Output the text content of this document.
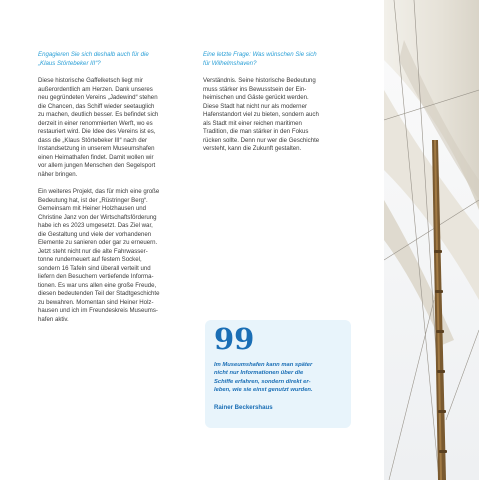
Engagieren Sie sich deshalb auch für die
„Klaus Störtebeker III“?
Diese historische Gaffelketsch liegt mir
außerordentlich am Herzen. Dank unseres
neu gegründeten Vereins „Jadewind“ stehen
die Chancen, das Schiff wieder seetauglich
zu machen, deutlich besser. Es befindet sich
derzeit in einer renommierten Werft, wo es
restauriert wird. Die Idee des Vereins ist es,
dass die „Klaus Störtebeker III“ nach der
Instandsetzung in unserem Museumshafen
einen Heimathafen findet. Damit wollen wir
vor allem jungen Menschen den Segelsport
näher bringen.
Ein weiteres Projekt, das für mich eine große
Bedeutung hat, ist der „Rüstringer Berg“.
Gemeinsam mit Heiner Holzhausen und
Christine Janz von der Wirtschaftsförderung
habe ich es 2023 umgesetzt. Das Ziel war,
die Gestaltung und viele der vorhandenen
Elemente zu sanieren oder gar zu erneuern.
Jetzt steht nicht nur die alte Fahrwasser-
tonne runderneuert auf festem Sockel,
sondern 16 Tafeln sind überall verteilt und
liefern den Besuchern vertiefende Informa-
tionen. Es war uns allen eine große Freude,
diesen bedeutenden Teil der Stadtgeschichte
zu bewahren. Momentan sind Heiner Holz-
hausen und ich im Freundeskreis Museums-
hafen aktiv.
Eine letzte Frage: Was wünschen Sie sich
für Wilhelmshaven?
Verständnis. Seine historische Bedeutung
muss stärker ins Bewusstsein der Ein-
heimischen und Gäste gerückt werden.
Diese Stadt hat nicht nur als moderner
Hafenstandort viel zu bieten, sondern auch
als Stadt mit einer reichen maritimen
Tradition, die man stärker in den Fokus
rücken sollte. Denn nur wer die Geschichte
versteht, kann die Zukunft gestalten.
99
Im Museumshafen kann man später
nicht nur Informationen über die
Schiffe erfahren, sondern direkt er-
leben, wie sie einst genutzt wurden.
Rainer Beckershaus
